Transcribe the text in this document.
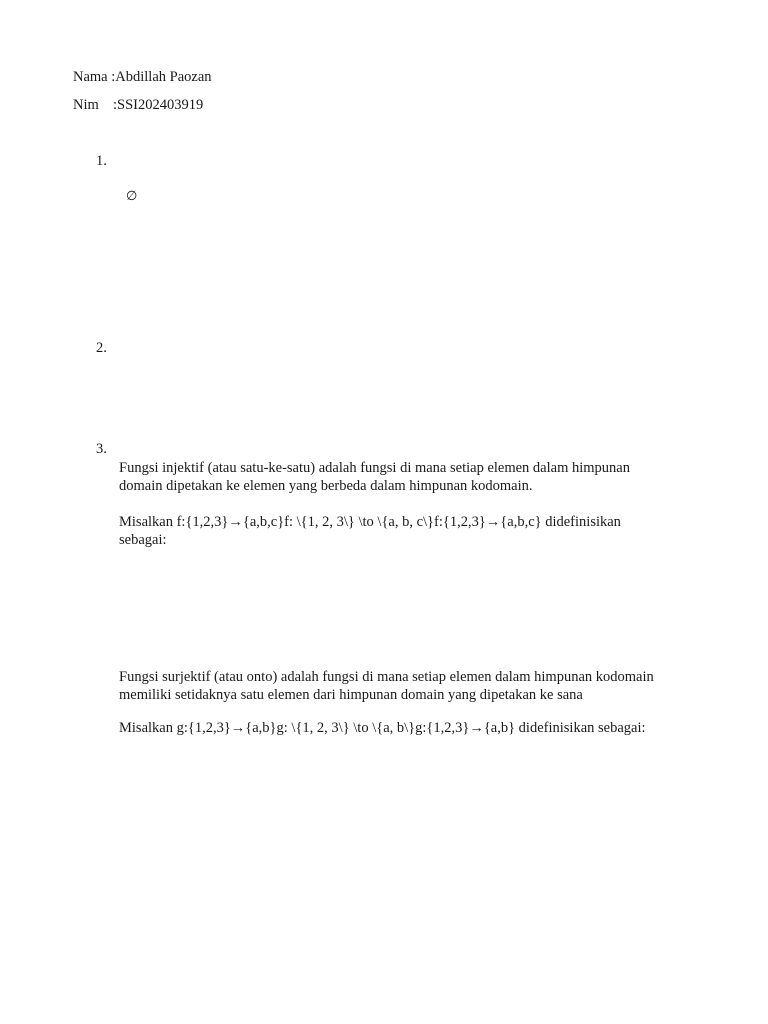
Nama :Abdillah Paozan
Nim :SSI202403919
1.
∅
2.
3.
Fungsi injektif (atau satu-ke-satu) adalah fungsi di mana setiap elemen dalam himpunan
domain dipetakan ke elemen yang berbeda dalam himpunan kodomain.
Misalkan f:{1,2,3}→{a,b,c}f: \{1, 2, 3\} \to \{a, b, c\}f:{1,2,3}→{a,b,c} didefinisikan
sebagai:
Fungsi surjektif (atau onto) adalah fungsi di mana setiap elemen dalam himpunan kodomain
memiliki setidaknya satu elemen dari himpunan domain yang dipetakan ke sana
Misalkan g:{1,2,3}→{a,b}g: \{1, 2, 3\} \to \{a, b\}g:{1,2,3}→{a,b} didefinisikan sebagai:
